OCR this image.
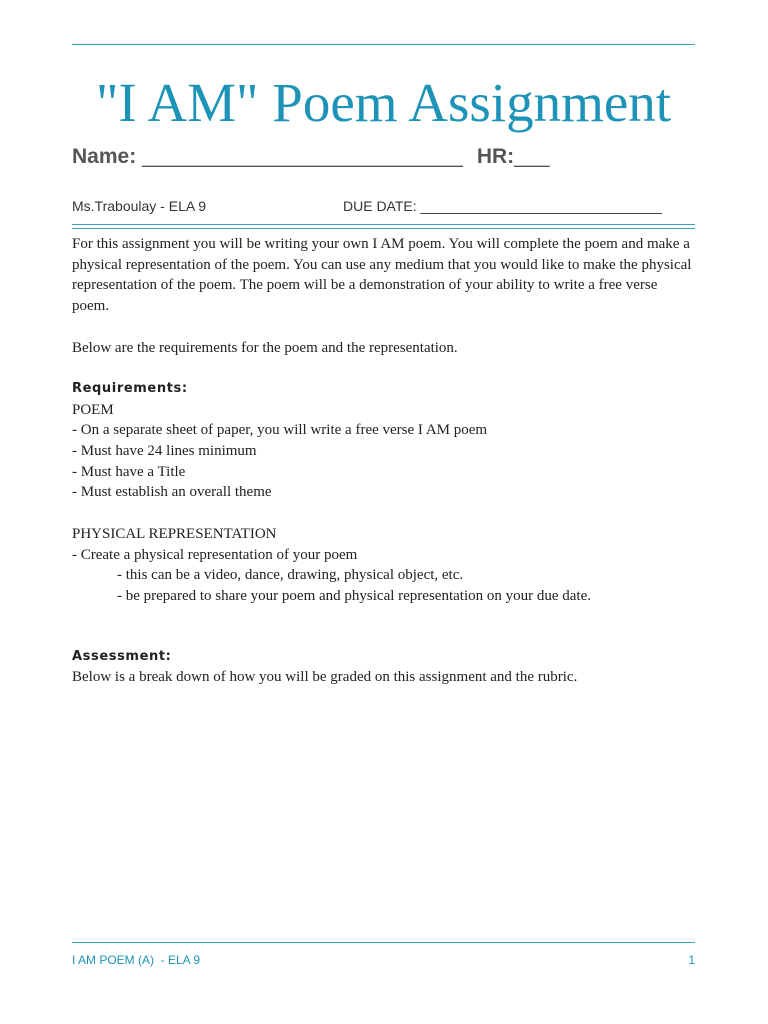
"I AM" Poem Assignment
Name: ___________________________ HR:___
Ms.Traboulay - ELA 9	DUE DATE: _______________________________

For this assignment you will be writing your own I AM poem. You will complete the poem and make a physical representation of the poem. You can use any medium that you would like to make the physical representation of the poem. The poem will be a demonstration of your ability to write a free verse poem.

Below are the requirements for the poem and the representation.

Requirements:

POEM

- On a separate sheet of paper, you will write a free verse I AM poem

- Must have 24 lines minimum

- Must have a Title

- Must establish an overall theme

PHYSICAL REPRESENTATION

- Create a physical representation of your poem

- this can be a video, dance, drawing, physical object, etc.

- be prepared to share your poem and physical representation on your due date.

Assessment:

Below is a break down of how you will be graded on this assignment and the rubric.

I AM POEM (A)  - ELA 9	1
